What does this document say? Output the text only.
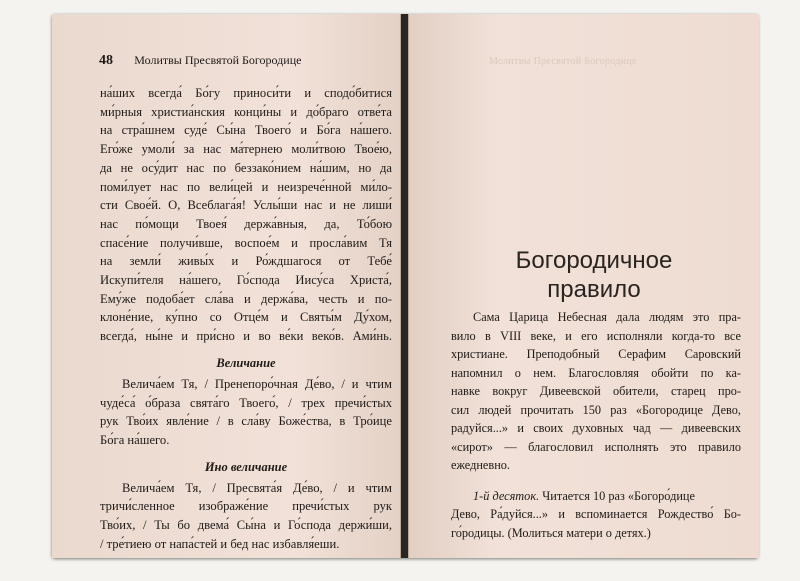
48 Молитвы Пресвятой Богородице

на́ших всегда́ Бо́гу приноси́ти и сподо́битися
ми́рныя христиа́нския конци́ны и до́браго отве́та
на стра́шнем суде́ Сы́на Твоего́ и Бо́га на́шего.
Его́же умоли́ за нас ма́тернею моли́твою Твое́ю,
да не осу́дит нас по беззако́нием на́шим, но да
поми́лует нас по вели́цей и неизрече́нной ми́ло-
сти Свое́й. О, Всеблага́я! Услы́ши нас и не лиши́
нас по́мощи Твоея́ держа́вныя, да, То́бою
спасе́ние получи́вше, воспое́м и просла́вим Тя
на земли́ живы́х и Ро́ждшагося от Тебе́
Искупи́теля на́шего, Го́спода Иису́са Христа́,
Ему́же подоба́ет сла́ва и держа́ва, честь и по-
клоне́ние, ку́пно со Отце́м и Святы́м Ду́хом,
всегда́, ны́не и при́сно и во ве́ки веко́в. Ами́нь.

Величание

Велича́ем Тя, / Пренепоро́чная Де́во, / и чтим
чуде́са́ о́браза свята́го Твоего́, / трех пречи́стых
рук Тво́их явле́ние / в сла́ву Боже́ства, в Тро́ице
Бо́га на́шего.

Ино величание

Велича́ем Тя, / Пресвята́я Де́во, / и чтим
тричи́сленное изображе́ние пречи́стых рук
Тво́их, / Ты бо двема́ Сы́на и Го́спода держи́ши,
/ тре́тиею от напа́стей и бед нас избавля́еши.

Молитвы Пресвятой Богородице
Богородичное
правило

Сама Царица Небесная дала людям это пра-
вило в VIII веке, и его исполняли когда-то все
христиане. Преподобный Серафим Саровский
напомнил о нем. Благословляя обойти по ка-
навке вокруг Дивеевской обители, старец про-
сил людей прочитать 150 раз «Богородице Дево,
радуйся...» и своих духовных чад — дивеевских
«сирот» — благословил исполнять это правило
ежедневно.

1-й десяток. Читается 10 раз «Богоро́дице
Дево, Ра́дуйся...» и вспоминается Рождество́ Бо-
го́родицы. (Молиться матери о детях.)
